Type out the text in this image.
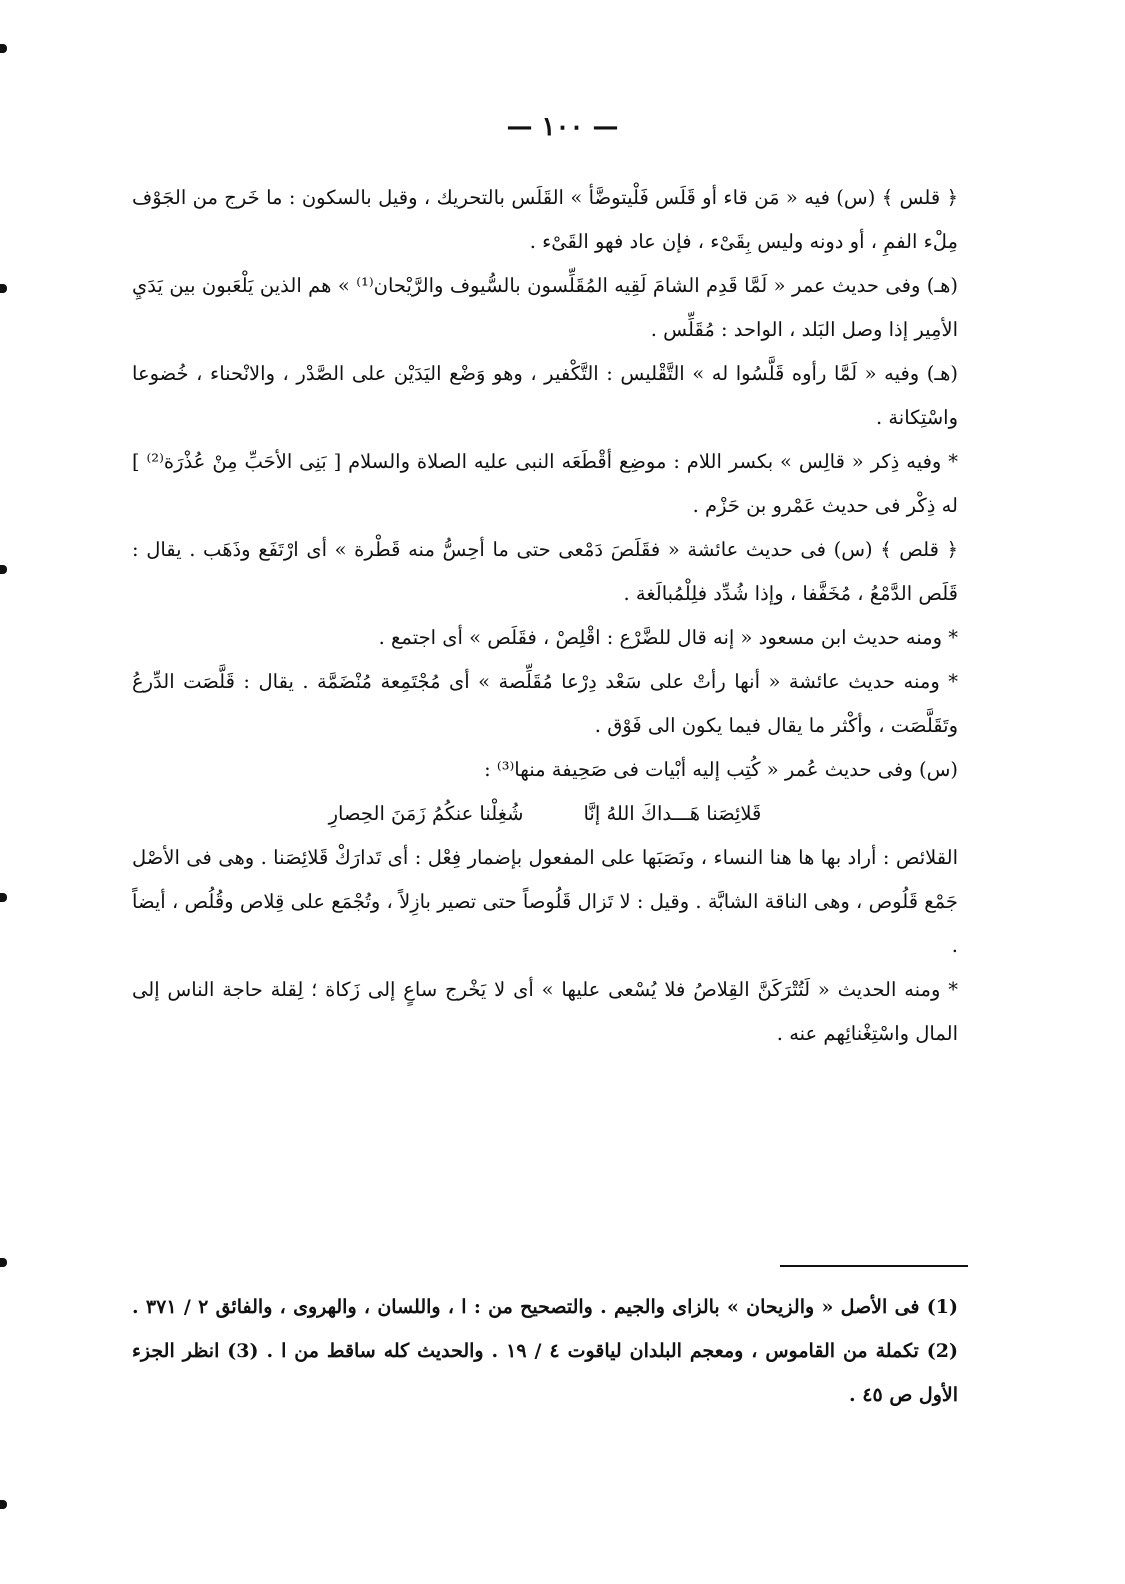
— ١٠٠ —

﴿ قلس ﴾ (س) فيه « مَن قاء أو قَلَس فَلْيتوضَّأ » القَلَس بالتحريك ، وقيل بالسكون : ما خَرج من الجَوْف مِلْء الفمِ ، أو دونه وليس بِقَىْء ، فإن عاد فهو القَىْء .

(هـ) وفى حديث عمر « لَمَّا قَدِم الشامَ لَقِيه المُقَلِّسون بالسُّيوف والرَّيْحان⁽¹⁾ » هم الذين يَلْعَبون بين يَدَيِ الأمِير إذا وصل البَلد ، الواحد : مُقَلِّس .

(هـ) وفيه « لَمَّا رأوه قَلَّسُوا له » التَّقْليس : التَّكْفير ، وهو وَضْع اليَدَيْن على الصَّدْر ، والانْحناء ، خُضوعا واسْتِكانة .

* وفيه ذِكر « قالِس » بكسر اللام : موضِع أقْطَعَه النبى عليه الصلاة والسلام [ بَنِى الأحَبِّ مِنْ عُذْرَة⁽²⁾ ] له ذِكْر فى حديث عَمْرو بن حَزْم .

﴿ قلص ﴾ (س) فى حديث عائشة « فقَلَصَ دَمْعى حتى ما أحِسُّ منه قَطْرة » أى ارْتَفَع وذَهَب . يقال : قَلَص الدَّمْعُ ، مُخَفَّفا ، وإذا شُدِّد فلِلْمُبالَغة .

* ومنه حديث ابن مسعود « إنه قال للضَّرْع : اقْلِصْ ، فقَلَص » أى اجتمع .

* ومنه حديث عائشة « أنها رأتْ على سَعْد دِرْعا مُقَلِّصة » أى مُجْتَمِعة مُنْضَمَّة . يقال : قَلَّصَت الدِّرعُ وتَقَلَّصَت ، وأكْثر ما يقال فيما يكون الى فَوْق .

(س) وفى حديث عُمر « كُتِب إليه أبْيات فى صَحِيفة منها⁽³⁾ :

قَلائِصَنا هَـــداكَ اللهُ إنَّا
شُغِلْنا عنكُمُ زَمَنَ الحِصارِ

القلائص : أراد بها ها هنا النساء ، ونَصَبَها على المفعول بإضمار فِعْل : أى تَدارَكْ قَلائِصَنا . وهى فى الأصْل جَمْع قَلُوص ، وهى الناقة الشابَّة . وقيل : لا تَزال قَلُوصاً حتى تصير بازِلاً ، وتُجْمَع على قِلاص وقُلُص ، أيضاً .

* ومنه الحديث « لَتُتْرَكَنَّ القِلاصُ فلا يُسْعى عليها » أى لا يَخْرج ساعٍ إلى زَكاة ؛ لِقلة حاجة الناس إلى المال واسْتِغْنائِهم عنه .

(1) فى الأصل « والزيحان » بالزاى والجيم . والتصحيح من : ا ، واللسان ، والهروى ، والفائق ٢ / ٣٧١ . (2) تكملة من القاموس ، ومعجم البلدان لياقوت ٤ / ١٩ . والحديث كله ساقط من ا . (3) انظر الجزء الأول ص ٤٥ .
